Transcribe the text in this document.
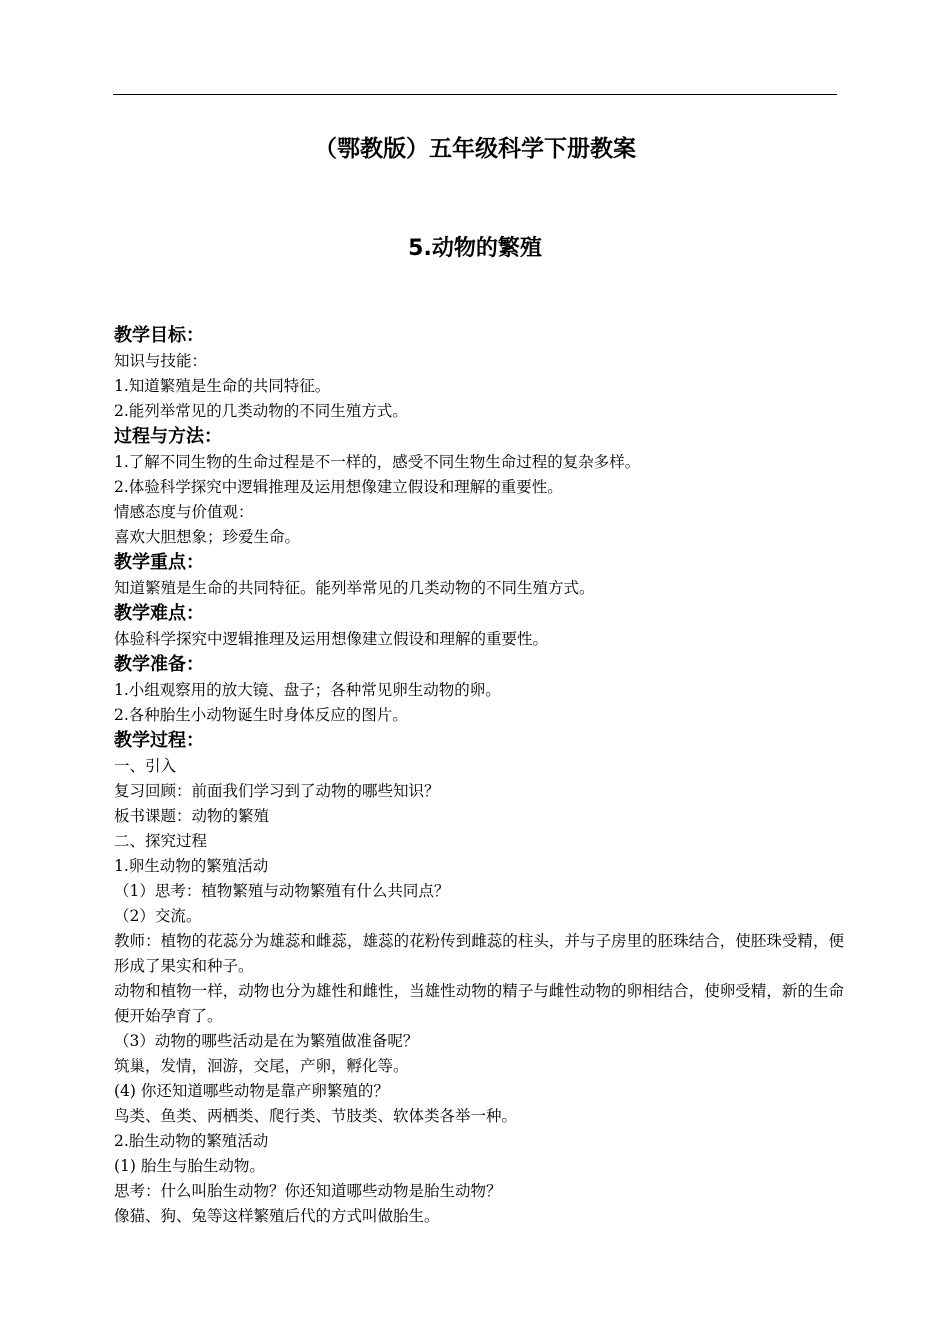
（鄂教版）五年级科学下册教案
5.动物的繁殖

教学目标：

知识与技能：

1.知道繁殖是生命的共同特征。

2.能列举常见的几类动物的不同生殖方式。

过程与方法：

1.了解不同生物的生命过程是不一样的，感受不同生物生命过程的复杂多样。

2.体验科学探究中逻辑推理及运用想像建立假设和理解的重要性。

情感态度与价值观：

喜欢大胆想象；珍爱生命。

教学重点：

知道繁殖是生命的共同特征。能列举常见的几类动物的不同生殖方式。

教学难点：

体验科学探究中逻辑推理及运用想像建立假设和理解的重要性。

教学准备：

1.小组观察用的放大镜、盘子；各种常见卵生动物的卵。

2.各种胎生小动物诞生时身体反应的图片。

教学过程：

一、引入

复习回顾：前面我们学习到了动物的哪些知识？

板书课题：动物的繁殖

二、探究过程

1.卵生动物的繁殖活动

（1）思考：植物繁殖与动物繁殖有什么共同点？

（2）交流。

教师：植物的花蕊分为雄蕊和雌蕊，雄蕊的花粉传到雌蕊的柱头，并与子房里的胚珠结合，使胚珠受精，便形成了果实和种子。

动物和植物一样，动物也分为雄性和雌性，当雄性动物的精子与雌性动物的卵相结合，使卵受精，新的生命便开始孕育了。

（3）动物的哪些活动是在为繁殖做准备呢？

筑巢，发情，洄游，交尾，产卵，孵化等。

(4) 你还知道哪些动物是靠产卵繁殖的？

鸟类、鱼类、两栖类、爬行类、节肢类、软体类各举一种。

2.胎生动物的繁殖活动

(1) 胎生与胎生动物。

思考：什么叫胎生动物？你还知道哪些动物是胎生动物？

像猫、狗、兔等这样繁殖后代的方式叫做胎生。
